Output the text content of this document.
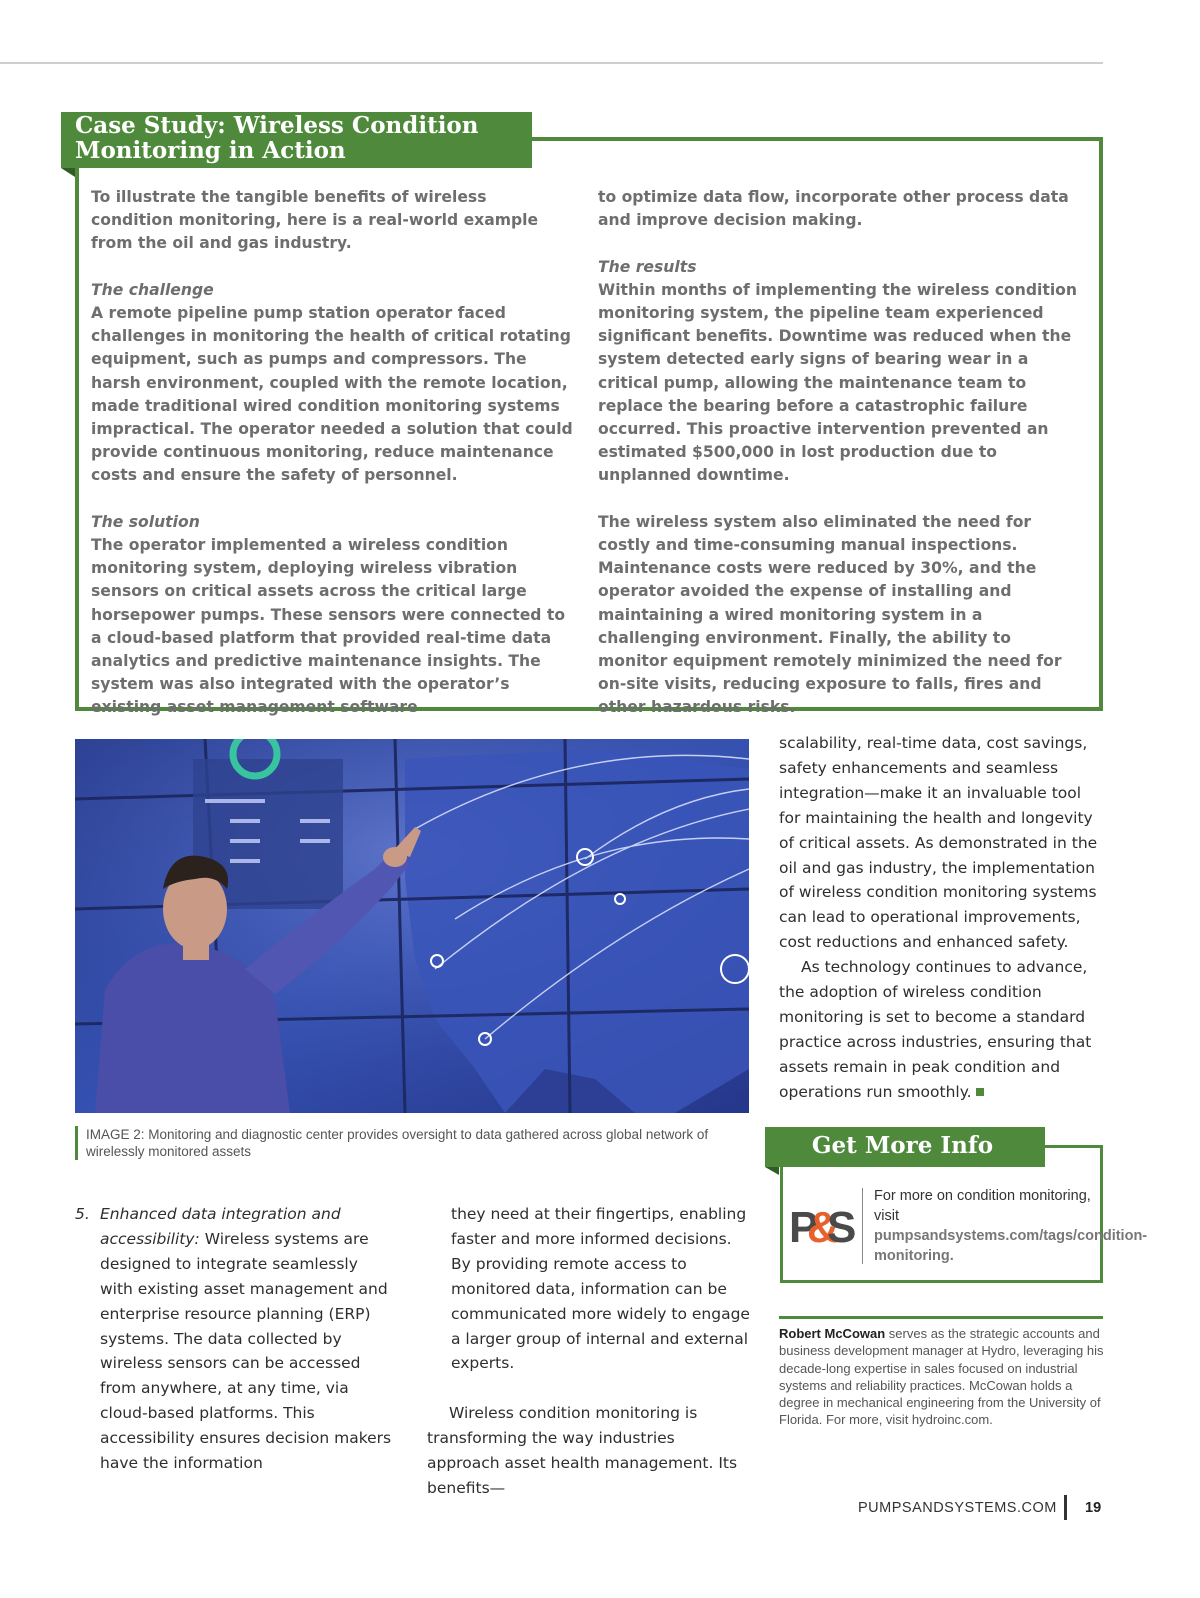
Case Study: Wireless Condition Monitoring in Action

To illustrate the tangible benefits of wireless condition monitoring, here is a real-world example from the oil and gas industry.

The challenge
A remote pipeline pump station operator faced challenges in monitoring the health of critical rotating equipment, such as pumps and compressors. The harsh environment, coupled with the remote location, made traditional wired condition monitoring systems impractical. The operator needed a solution that could provide continuous monitoring, reduce maintenance costs and ensure the safety of personnel.

The solution
The operator implemented a wireless condition monitoring system, deploying wireless vibration sensors on critical assets across the critical large horsepower pumps. These sensors were connected to a cloud-based platform that provided real-time data analytics and predictive maintenance insights. The system was also integrated with the operator’s existing asset management software

to optimize data flow, incorporate other process data and improve decision making.

The results
Within months of implementing the wireless condition monitoring system, the pipeline team experienced significant benefits. Downtime was reduced when the system detected early signs of bearing wear in a critical pump, allowing the maintenance team to replace the bearing before a catastrophic failure occurred. This proactive intervention prevented an estimated $500,000 in lost production due to unplanned downtime.

The wireless system also eliminated the need for costly and time-consuming manual inspections. Maintenance costs were reduced by 30%, and the operator avoided the expense of installing and maintaining a wired monitoring system in a challenging environment. Finally, the ability to monitor equipment remotely minimized the need for on-site visits, reducing exposure to falls, fires and other hazardous risks.

IMAGE 2: Monitoring and diagnostic center provides oversight to data gathered across global network of wirelessly monitored assets

scalability, real-time data, cost savings, safety enhancements and seamless integration—make it an invaluable tool for maintaining the health and longevity of critical assets. As demonstrated in the oil and gas industry, the implementation of wireless condition monitoring systems can lead to operational improvements, cost reductions and enhanced safety.

As technology continues to advance, the adoption of wireless condition monitoring is set to become a standard practice across industries, ensuring that assets remain in peak condition and operations run smoothly.

5. Enhanced data integration and accessibility: Wireless systems are designed to integrate seamlessly with existing asset management and enterprise resource planning (ERP) systems. The data collected by wireless sensors can be accessed from anywhere, at any time, via cloud-based platforms. This accessibility ensures decision makers have the information

they need at their fingertips, enabling faster and more informed decisions. By providing remote access to monitored data, information can be communicated more widely to engage a larger group of internal and external experts.

Wireless condition monitoring is transforming the way industries approach asset health management. Its benefits—

Get More Info
P
&
S
For more on condition monitoring, visit pumpsandsystems.com/tags/condition-monitoring.

Robert McCowan serves as the strategic accounts and business development manager at Hydro, leveraging his decade-long expertise in sales focused on industrial systems and reliability practices. McCowan holds a degree in mechanical engineering from the University of Florida. For more, visit hydroinc.com.

PUMPSANDSYSTEMS.COM 19
